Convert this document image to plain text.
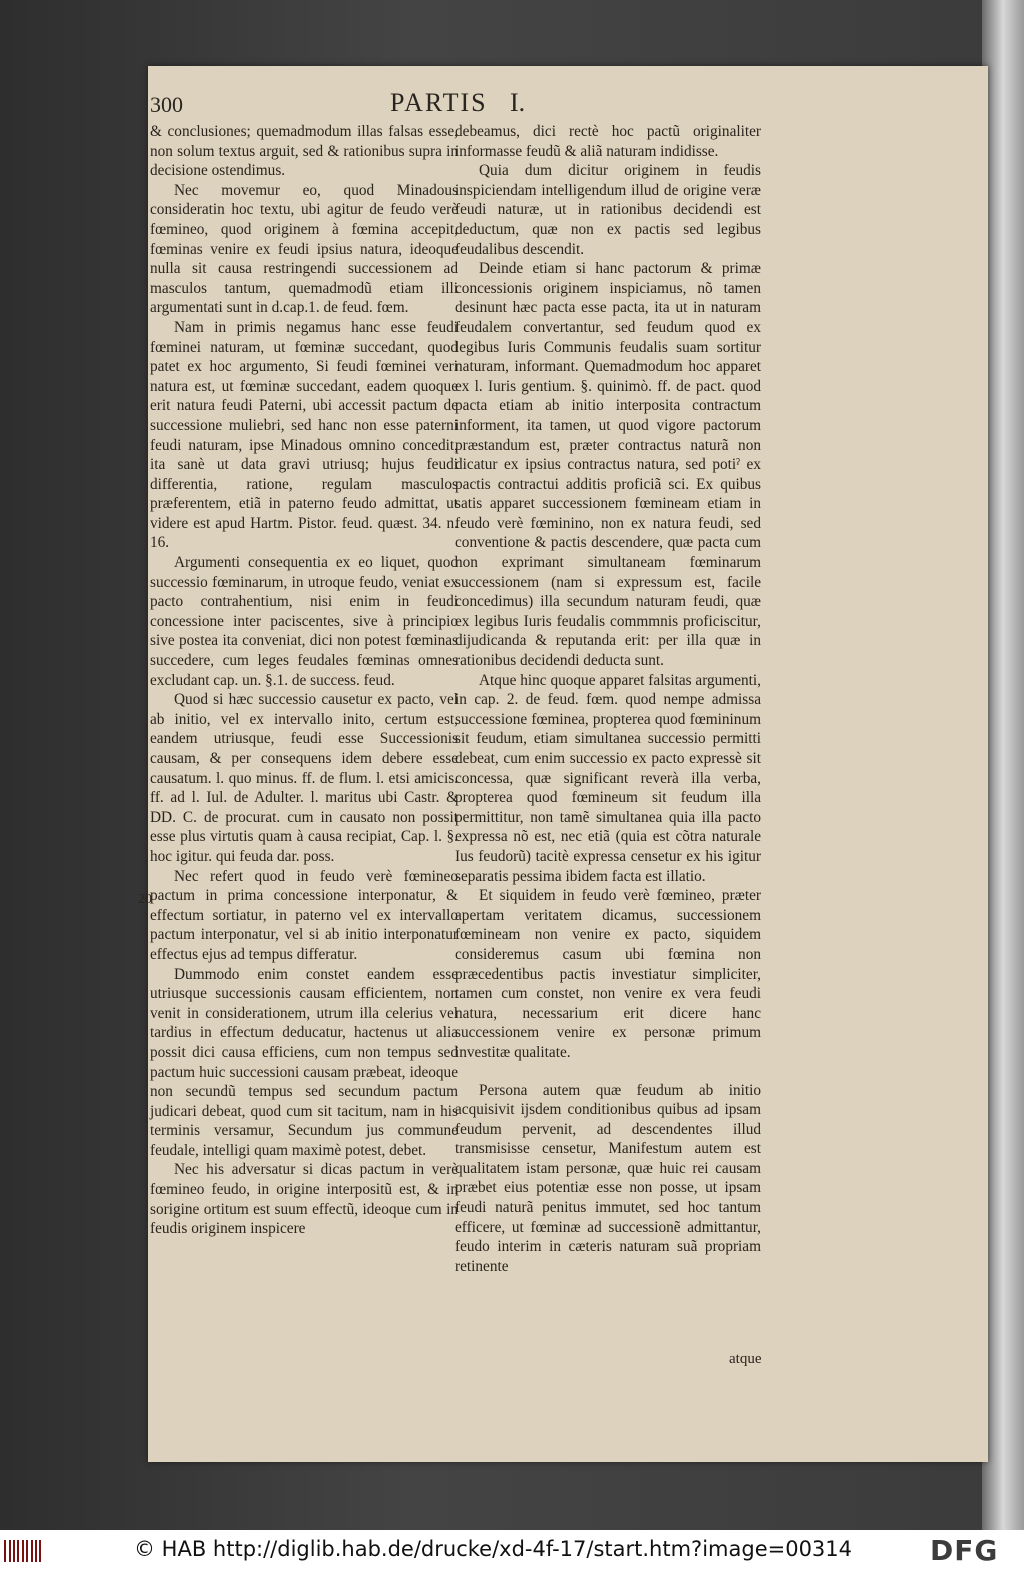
300	PARTIS I.

& conclusiones; quemadmodum illas falsas esse, non solum textus arguit, sed & rationibus supra in decisione ostendimus.

Nec movemur eo, quod Minadous consideratin hoc textu, ubi agitur de feudo verè fœmineo, quod originem à fœmina accepit, fœminas venire ex feudi ipsius natura, ideoque nulla sit causa restringendi successionem ad masculos tantum, quemadmodũ etiam illi argumentati sunt in d.cap.1. de feud. fœm.

Nam in primis negamus hanc esse feudi fœminei naturam, ut fœminæ succedant, quod patet ex hoc argumento, Si feudi fœminei veri natura est, ut fœminæ succedant, eadem quoque erit natura feudi Paterni, ubi accessit pactum de successione muliebri, sed hanc non esse paterni feudi naturam, ipse Minadous omnino concedit, ita sanè ut data gravi utriusq; hujus feudi differentia, ratione, regulam masculos præferentem, etiã in paterno feudo admittat, ut videre est apud Hartm. Pistor. feud. quæst. 34. n. 16.

Argumenti consequentia ex eo liquet, quod successio fœminarum, in utroque feudo, veniat ex pacto contrahentium, nisi enim in feudi concessione inter paciscentes, sive à principio sive postea ita conveniat, dici non potest fœminas succedere, cum leges feudales fœminas omnes excludant cap. un. §.1. de success. feud.

Quod si hæc successio causetur ex pacto, vel ab initio, vel ex intervallo inito, certum est, eandem utriusque, feudi esse Successionis causam, & per consequens idem debere esse causatum. l. quo minus. ff. de flum. l. etsi amicis. ff. ad l. Iul. de Adulter. l. maritus ubi Castr. & DD. C. de procurat. cum in causato non possit esse plus virtutis quam à causa recipiat, Cap. l. §. hoc igitur. qui feuda dar. poss.

Nec refert quod in feudo verè fœmineo pactum in prima concessione interponatur, & effectum sortiatur, in paterno vel ex intervallo pactum interponatur, vel si ab initio interponatur effectus ejus ad tempus differatur.

Dummodo enim constet eandem esse utriusque successionis causam efficientem, non venit in considerationem, utrum illa celerius vel tardius in effectum deducatur, hactenus ut alia possit dici causa efficiens, cum non tempus sed pactum huic successioni causam præbeat, ideoque non secundũ tempus sed secundum pactum judicari debeat, quod cum sit tacitum, nam in his terminis versamur, Secundum jus commune feudale, intelligi quam maximè potest, debet.

Nec his adversatur si dicas pactum in verè fœmineo feudo, in origine interpositũ est, & in sorigine ortitum est suum effectũ, ideoque cum in feudis originem inspicere

debeamus, dici rectè hoc pactũ originaliter informasse feudũ & aliã naturam indidisse.

Quia dum dicitur originem in feudis inspiciendam intelligendum illud de origine veræ feudi naturæ, ut in rationibus decidendi est deductum, quæ non ex pactis sed legibus feudalibus descendit.

Deinde etiam si hanc pactorum & primæ concessionis originem inspiciamus, nõ tamen desinunt hæc pacta esse pacta, ita ut in naturam feudalem convertantur, sed feudum quod ex legibus Iuris Communis feudalis suam sortitur naturam, informant. Quemadmodum hoc apparet ex l. Iuris gentium. §. quinimò. ff. de pact. quod pacta etiam ab initio interposita contractum informent, ita tamen, ut quod vigore pactorum præstandum est, præter contractus naturã non dicatur ex ipsius contractus natura, sed potiˀ ex pactis contractui additis proficiã sci. Ex quibus satis apparet successionem fœmineam etiam in feudo verè fœminino, non ex natura feudi, sed conventione & pactis descendere, quæ pacta cum non exprimant simultaneam fœminarum successionem (nam si expressum est, facile concedimus) illa secundum naturam feudi, quæ ex legibus Iuris feudalis commmnis proficiscitur, dijudicanda & reputanda erit: per illa quæ in rationibus decidendi deducta sunt.

Atque hinc quoque apparet falsitas argumenti, in cap. 2. de feud. fœm. quod nempe admissa successione fœminea, propterea quod fœmininum sit feudum, etiam simultanea successio permitti debeat, cum enim successio ex pacto expressè sit concessa, quæ significant reverà illa verba, propterea quod fœmineum sit feudum illa permittitur, non tamẽ simultanea quia illa pacto expressa nõ est, nec etiã (quia est cõtra naturale Ius feudorũ) tacitè expressa censetur ex his igitur separatis pessima ibidem facta est illatio.

Et siquidem in feudo verè fœmineo, præter apertam veritatem dicamus, successionem fœmineam non venire ex pacto, siquidem consideremus casum ubi fœmina non præcedentibus pactis investiatur simpliciter, tamen cum constet, non venire ex vera feudi natura, necessarium erit dicere hanc successionem venire ex personæ primum investitæ qualitate.

Persona autem quæ feudum ab initio acquisivit ijsdem conditionibus quibus ad ipsam feudum pervenit, ad descendentes illud transmisisse censetur, Manifestum autem est qualitatem istam personæ, quæ huic rei causam præbet eius potentiæ esse non posse, ut ipsam feudi naturã penitus immutet, sed hoc tantum efficere, ut fœminæ ad successionẽ admittantur, feudo interim in cæteris naturam suã propriam retinente

20
atque
© HAB http://diglib.hab.de/drucke/xd-4f-17/start.htm?image=00314	DFG
